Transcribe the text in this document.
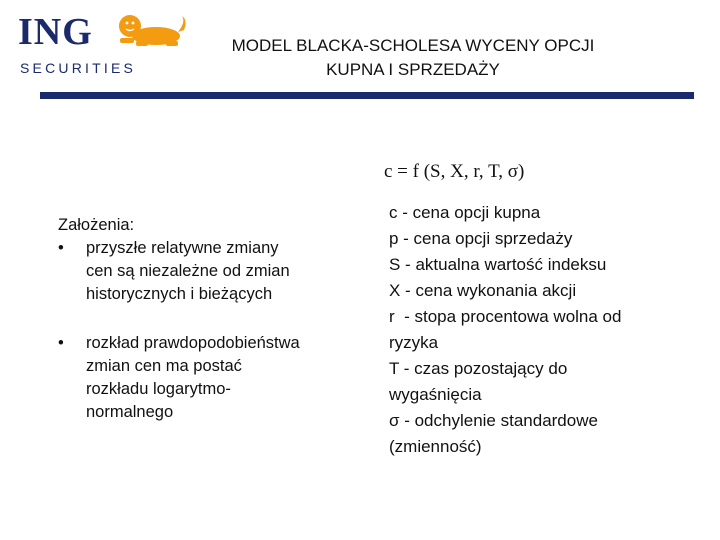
ING
SECURITIES
MODEL BLACKA-SCHOLESA WYCENY OPCJI
KUPNA I SPRZEDAŻY
c = f (S, X, r, T, σ)
Założenia:
• przyszłe relatywne zmiany
cen są niezależne od zmian
historycznych i bieżących
• rozkład prawdopodobieństwa
zmian cen ma postać
rozkładu logarytmo-
normalnego
c - cena opcji kupna
p - cena opcji sprzedaży
S - aktualna wartość indeksu
X - cena wykonania akcji
r  - stopa procentowa wolna od
ryzyka
T - czas pozostający do
wygaśnięcia
σ - odchylenie standardowe
(zmienność)
